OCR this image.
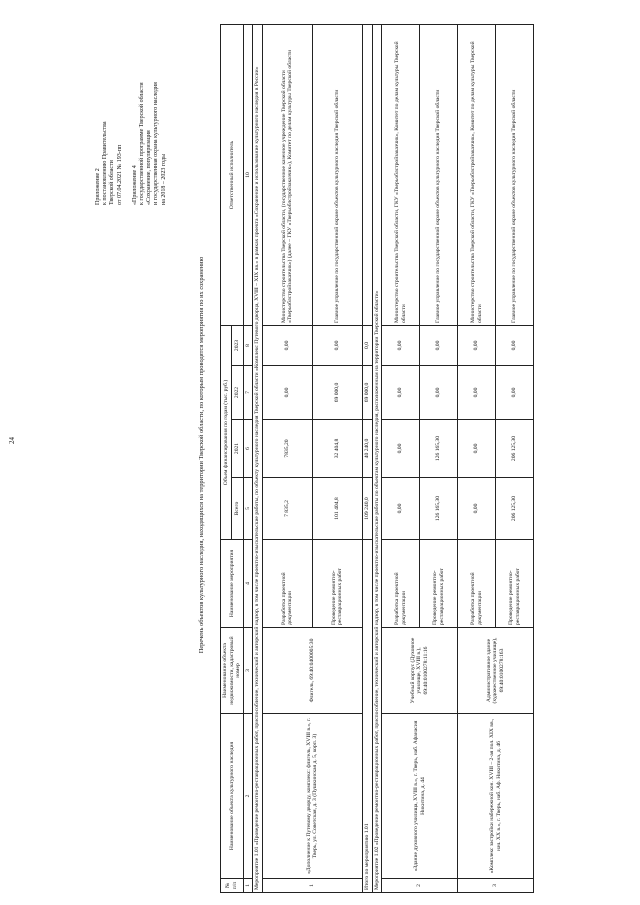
24
Приложение 2 к постановлению Правительства Тверской области от 07.04.2021 № 193-пп «Приложение 4 к государственной программе Тверской области «Сохранение, популяризация и государственная охрана культурного наследия на 2018 – 2023 годы
Перечень объектов культурного наследия, находящихся на территории Тверской области, по которым проводятся мероприятия по их сохранению
№ п/п	Наименование объекта культурного наследия	Наименование объекта недвижимости, кадастровый номер	Наименование мероприятия	Объем финансирования по годам (тыс. руб.)				Ответственный исполнитель
				Всего	2021	2022	2023	
1	2	3	4	5	6	7	8	10
Мероприятие 1.01 «Проведение ремонтно-реставрационных работ, приспособление, технический и авторский надзор, в том числе проектно-изыскательские работы, по объекту культурного наследия Тверской области «Комплекс Путевого дворца, XVIII – XIX вв.» в рамках проекта «Сохранение и использование культурного наследия в России»								
1	«Дополнение к Путевому дворцу, комплекс: флигель, XVIII в.», г. Тверь, ул. Советская, д. 3 (Пушкинская д. 5, корп. 3)	Флигель, 69:40:0400005:30	Разработка проектной документации	7 835,2	7835,20	0,00	0,00	Министерство строительства Тверской области, (государственное казенное учреждение Тверской области «Тверьоблстройзаказчик») (далее – ГКУ «Тверьоблстройзаказчик»), Комитет по делам культуры Тверской области
			Проведение ремонтно-реставрационных работ	101 404,8	32 404,8	69 000,0	0,00	Главное управление по государственной охране объектов культурного наследия Тверской области
Итого по мероприятию 1.01				109 240,0	40 240,0	69 000,0	0,0	
Мероприятие 1.02 «Проведение ремонтно-реставрационных работ, приспособление, технический и авторский надзор, в том числе проектно-изыскательские работы по объектам культурного наследия, расположенным на территории Тверской области»								
2	«Здание духовного училища, XVIII в.», г. Тверь, наб. Афанасия Никитина, д. 44	Учебный корпус (Духовное училище, XVIII в.), 69:40:0100278:11:16	Разработка проектной документации	0,00	0,00	0,00	0,00	Министерство строительства Тверской области, ГКУ «Тверьоблстройзаказчик», Комитет по делам культуры Тверской области
			Проведение ремонтно-реставрационных работ	126 165,30	126 165,30	0,00	0,00	Главное управление по государственной охране объектов культурного наследия Тверской области
3	«Комплекс застройки набережной кон. XVIII – 2-ая пол. XIX вв., нач. XX в.», г. Тверь, наб. Аф. Никитина, д. 46	Административное здание (художественное училище), 69:40:0100278:163	Разработка проектной документации	0,00	0,00	0,00	0,00	Министерство строительства Тверской области, ГКУ «Тверьоблстройзаказчик», Комитет по делам культуры Тверской области
			Проведение ремонтно-реставрационных работ	206 125,30	206 125,30	0,00	0,00	Главное управление по государственной охране объектов культурного наследия Тверской области
